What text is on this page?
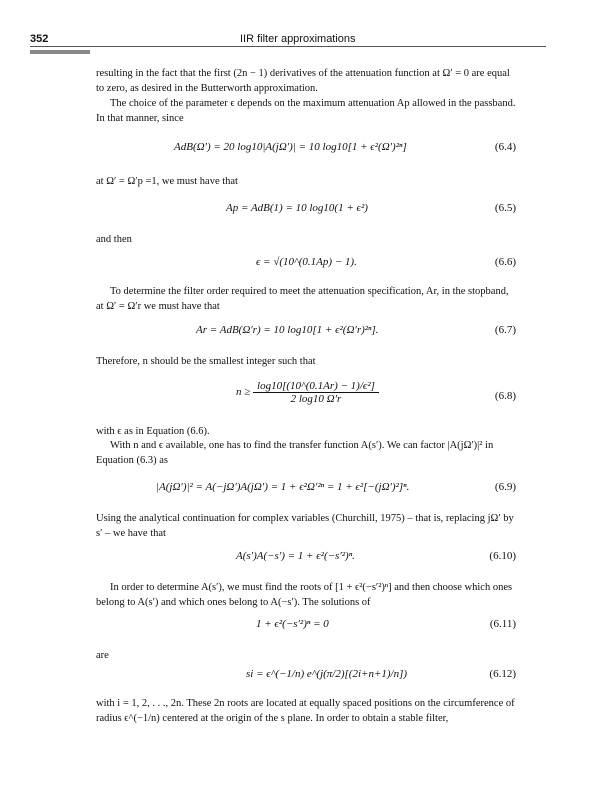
352	IIR filter approximations
resulting in the fact that the first (2n − 1) derivatives of the attenuation function at Ω′ = 0 are equal to zero, as desired in the Butterworth approximation.
The choice of the parameter ϵ depends on the maximum attenuation Ap allowed in the passband. In that manner, since
AdB(Ω′) = 20 log10|A(jΩ′)| = 10 log10[1 + ϵ²(Ω′)²ⁿ]	(6.4)
at Ω′ = Ω′p =1, we must have that
Ap = AdB(1) = 10 log10(1 + ϵ²)	(6.5)
and then
ϵ = √(10^(0.1Ap) − 1).	(6.6)
To determine the filter order required to meet the attenuation specification, Ar, in the stopband, at Ω′ = Ω′r we must have that
Ar = AdB(Ω′r) = 10 log10[1 + ϵ²(Ω′r)²ⁿ].	(6.7)
Therefore, n should be the smallest integer such that
$n \ge \frac{\text{log10[(10\textasciicircum{}(0.1Ar) − 1)/ϵ²]}}{2 \log 10 \Omega'r}$	(6.8)
with ϵ as in Equation (6.6).
With n and ϵ available, one has to find the transfer function A(s′). We can factor |A(jΩ′)|² in Equation (6.3) as
|A(jΩ′)|² = A(−jΩ′)A(jΩ′) = 1 + ϵ²Ω′²ⁿ = 1 + ϵ²[−(jΩ′)²]ⁿ.	(6.9)
Using the analytical continuation for complex variables (Churchill, 1975) – that is, replacing jΩ′ by s′ – we have that
A(s′)A(−s′) = 1 + ϵ²(−s′²)ⁿ.	(6.10)
In order to determine A(s′), we must find the roots of [1 + ϵ²(−s′²)ⁿ] and then choose which ones belong to A(s′) and which ones belong to A(−s′). The solutions of
1 + ϵ²(−s′²)ⁿ = 0	(6.11)
are
si = ϵ^(−1/n) e^(j(π/2)[(2i+n+1)/n])	(6.12)
with i = 1, 2, . . ., 2n. These 2n roots are located at equally spaced positions on the circumference of radius ϵ^(−1/n) centered at the origin of the s plane. In order to obtain a stable filter,
